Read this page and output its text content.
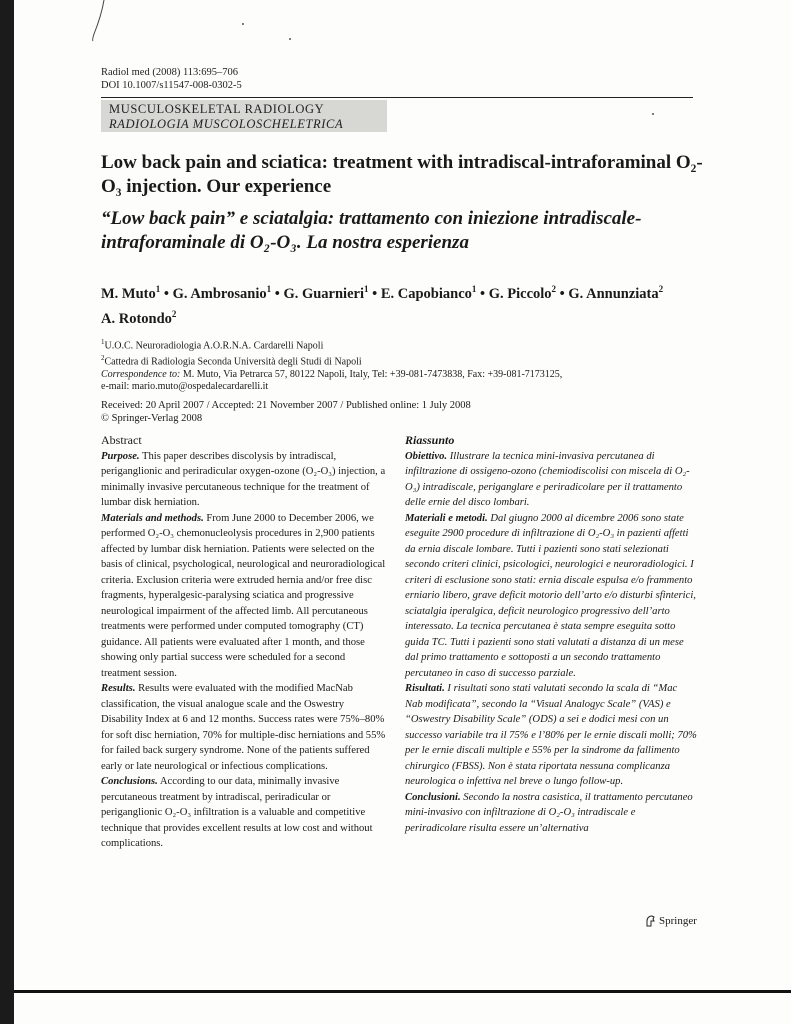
Radiol med (2008) 113:695–706
DOI 10.1007/s11547-008-0302-5
MUSCULOSKELETAL RADIOLOGY
RADIOLOGIA MUSCOLOSCHELETRICA
Low back pain and sciatica: treatment with intradiscal-intraforaminal O₂-O₃ injection. Our experience
“Low back pain” e sciatalgia: trattamento con iniezione intradiscale-intraforaminale di O₂-O₃. La nostra esperienza
M. Muto$^1$ • G. Ambrosanio$^1$ • G. Guarnieri$^1$ • E. Capobianco$^1$ • G. Piccolo$^2$ • G. Annunziata$^2$
A. Rotondo$^2$
$^1$U.O.C. Neuroradiologia A.O.R.N.A. Cardarelli Napoli
$^2$Cattedra di Radiologia Seconda Università degli Studi di Napoli
Correspondence to: M. Muto, Via Petrarca 57, 80122 Napoli, Italy, Tel: +39-081-7473838, Fax: +39-081-7173125,
e-mail: mario.muto@ospedalecardarelli.it
Received: 20 April 2007 / Accepted: 21 November 2007 / Published online: 1 July 2008
© Springer-Verlag 2008
Abstract

Purpose. This paper describes discolysis by intradiscal, periganglionic and periradicular oxygen-ozone (O₂-O₃) injection, a minimally invasive percutaneous technique for the treatment of lumbar disk herniation.

Materials and methods. From June 2000 to December 2006, we performed O₂-O₃ chemonucleolysis procedures in 2,900 patients affected by lumbar disk herniation. Patients were selected on the basis of clinical, psychological, neurological and neuroradiological criteria. Exclusion criteria were extruded hernia and/or free disc fragments, hyperalgesic-paralysing sciatica and progressive neurological impairment of the affected limb. All percutaneous treatments were performed under computed tomography (CT) guidance. All patients were evaluated after 1 month, and those showing only partial success were scheduled for a second treatment session.

Results. Results were evaluated with the modified MacNab classification, the visual analogue scale and the Oswestry Disability Index at 6 and 12 months. Success rates were 75%–80% for soft disc herniation, 70% for multiple-disc herniations and 55% for failed back surgery syndrome. None of the patients suffered early or late neurological or infectious complications.

Conclusions. According to our data, minimally invasive percutaneous treatment by intradiscal, periradicular or periganglionic O₂-O₃ infiltration is a valuable and competitive technique that provides excellent results at low cost and without complications.

Riassunto

Obiettivo. Illustrare la tecnica mini-invasiva percutanea di infiltrazione di ossigeno-ozono (chemiodiscolisi con miscela di O₂-O₃) intradiscale, periganglare e periradicolare per il trattamento delle ernie del disco lombari.

Materiali e metodi. Dal giugno 2000 al dicembre 2006 sono state eseguite 2900 procedure di infiltrazione di O₂-O₃ in pazienti affetti da ernia discale lombare. Tutti i pazienti sono stati selezionati secondo criteri clinici, psicologici, neurologici e neuroradiologici. I criteri di esclusione sono stati: ernia discale espulsa e/o frammento erniario libero, grave deficit motorio dell’arto e/o disturbi sfinterici, sciatalgia iperalgica, deficit neurologico progressivo dell’arto interessato. La tecnica percutanea è stata sempre eseguita sotto guida TC. Tutti i pazienti sono stati valutati a distanza di un mese dal primo trattamento e sottoposti a un secondo trattamento percutaneo in caso di successo parziale.

Risultati. I risultati sono stati valutati secondo la scala di “Mac Nab modificata”, secondo la “Visual Analogyc Scale” (VAS) e “Oswestry Disability Scale” (ODS) a sei e dodici mesi con un successo variabile tra il 75% e l’80% per le ernie discali molli; 70% per le ernie discali multiple e 55% per la sindrome da fallimento chirurgico (FBSS). Non è stata riportata nessuna complicanza neurologica o infettiva nel breve o lungo follow-up.

Conclusioni. Secondo la nostra casistica, il trattamento percutaneo mini-invasivo con infiltrazione di O₂-O₃ intradiscale e periradicolare risulta essere un’alternativa

Springer
